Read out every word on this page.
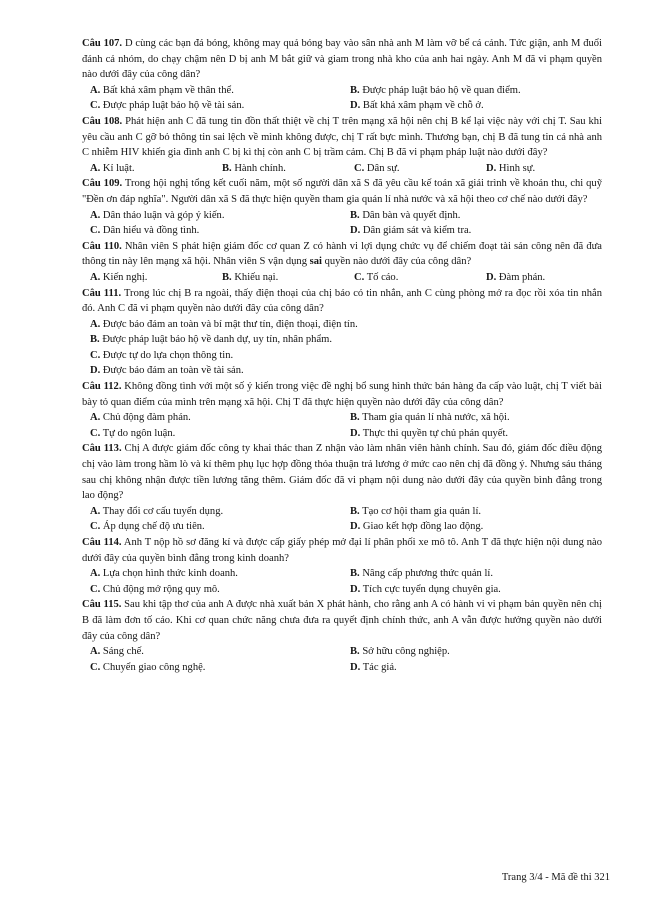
Câu 107. D cùng các bạn đá bóng, không may quả bóng bay vào sân nhà anh M làm vỡ bể cá cảnh. Tức giận, anh M đuổi đánh cả nhóm, do chạy chậm nên D bị anh M bắt giữ và giam trong nhà kho của anh hai ngày. Anh M đã vi phạm quyền nào dưới đây của công dân?
A. Bất khả xâm phạm về thân thể.	B. Được pháp luật bảo hộ về quan điểm.
C. Được pháp luật bảo hộ về tài sản.	D. Bất khả xâm phạm về chỗ ở.
Câu 108. Phát hiện anh C đã tung tin đồn thất thiệt về chị T trên mạng xã hội nên chị B kể lại việc này với chị T. Sau khi yêu cầu anh C gỡ bỏ thông tin sai lệch về mình không được, chị T rất bực mình. Thương bạn, chị B đã tung tin cả nhà anh C nhiễm HIV khiến gia đình anh C bị kì thị còn anh C bị trầm cảm. Chị B đã vi phạm pháp luật nào dưới đây?
A. Kỉ luật.	B. Hành chính.	C. Dân sự.	D. Hình sự.
Câu 109. Trong hội nghị tổng kết cuối năm, một số người dân xã S đã yêu cầu kế toán xã giải trình về khoản thu, chi quỹ "Đền ơn đáp nghĩa". Người dân xã S đã thực hiện quyền tham gia quản lí nhà nước và xã hội theo cơ chế nào dưới đây?
A. Dân thảo luận và góp ý kiến.	B. Dân bàn và quyết định.
C. Dân hiểu và đồng tình.	D. Dân giám sát và kiểm tra.
Câu 110. Nhân viên S phát hiện giám đốc cơ quan Z có hành vi lợi dụng chức vụ để chiếm đoạt tài sản công nên đã đưa thông tin này lên mạng xã hội. Nhân viên S vận dụng sai quyền nào dưới đây của công dân?
A. Kiến nghị.	B. Khiếu nại.	C. Tố cáo.	D. Đàm phán.
Câu 111. Trong lúc chị B ra ngoài, thấy điện thoại của chị báo có tin nhắn, anh C cùng phòng mở ra đọc rồi xóa tin nhắn đó. Anh C đã vi phạm quyền nào dưới đây của công dân?
A. Được bảo đảm an toàn và bí mật thư tín, điện thoại, điện tín.
B. Được pháp luật bảo hộ về danh dự, uy tín, nhân phẩm.
C. Được tự do lựa chọn thông tin.
D. Được bảo đảm an toàn về tài sản.
Câu 112. Không đồng tình với một số ý kiến trong việc đề nghị bổ sung hình thức bán hàng đa cấp vào luật, chị T viết bài bày tỏ quan điểm của mình trên mạng xã hội. Chị T đã thực hiện quyền nào dưới đây của công dân?
A. Chủ động đàm phán.	B. Tham gia quản lí nhà nước, xã hội.
C. Tự do ngôn luận.	D. Thực thi quyền tự chủ phán quyết.
Câu 113. Chị A được giám đốc công ty khai thác than Z nhận vào làm nhân viên hành chính. Sau đó, giám đốc điều động chị vào làm trong hầm lò và kí thêm phụ lục hợp đồng thỏa thuận trả lương ở mức cao nên chị đã đồng ý. Nhưng sáu tháng sau chị không nhận được tiền lương tăng thêm. Giám đốc đã vi phạm nội dung nào dưới đây của quyền bình đẳng trong lao động?
A. Thay đổi cơ cấu tuyển dụng.	B. Tạo cơ hội tham gia quản lí.
C. Áp dụng chế độ ưu tiên.	D. Giao kết hợp đồng lao động.
Câu 114. Anh T nộp hồ sơ đăng kí và được cấp giấy phép mở đại lí phân phối xe mô tô. Anh T đã thực hiện nội dung nào dưới đây của quyền bình đẳng trong kinh doanh?
A. Lựa chọn hình thức kinh doanh.	B. Nâng cấp phương thức quản lí.
C. Chủ động mở rộng quy mô.	D. Tích cực tuyển dụng chuyên gia.
Câu 115. Sau khi tập thơ của anh A được nhà xuất bản X phát hành, cho rằng anh A có hành vi vi phạm bản quyền nên chị B đã làm đơn tố cáo. Khi cơ quan chức năng chưa đưa ra quyết định chính thức, anh A vẫn được hưởng quyền nào dưới đây của công dân?
A. Sáng chế.	B. Sở hữu công nghiệp.
C. Chuyển giao công nghệ.	D. Tác giả.
Trang 3/4 - Mã đề thi 321
